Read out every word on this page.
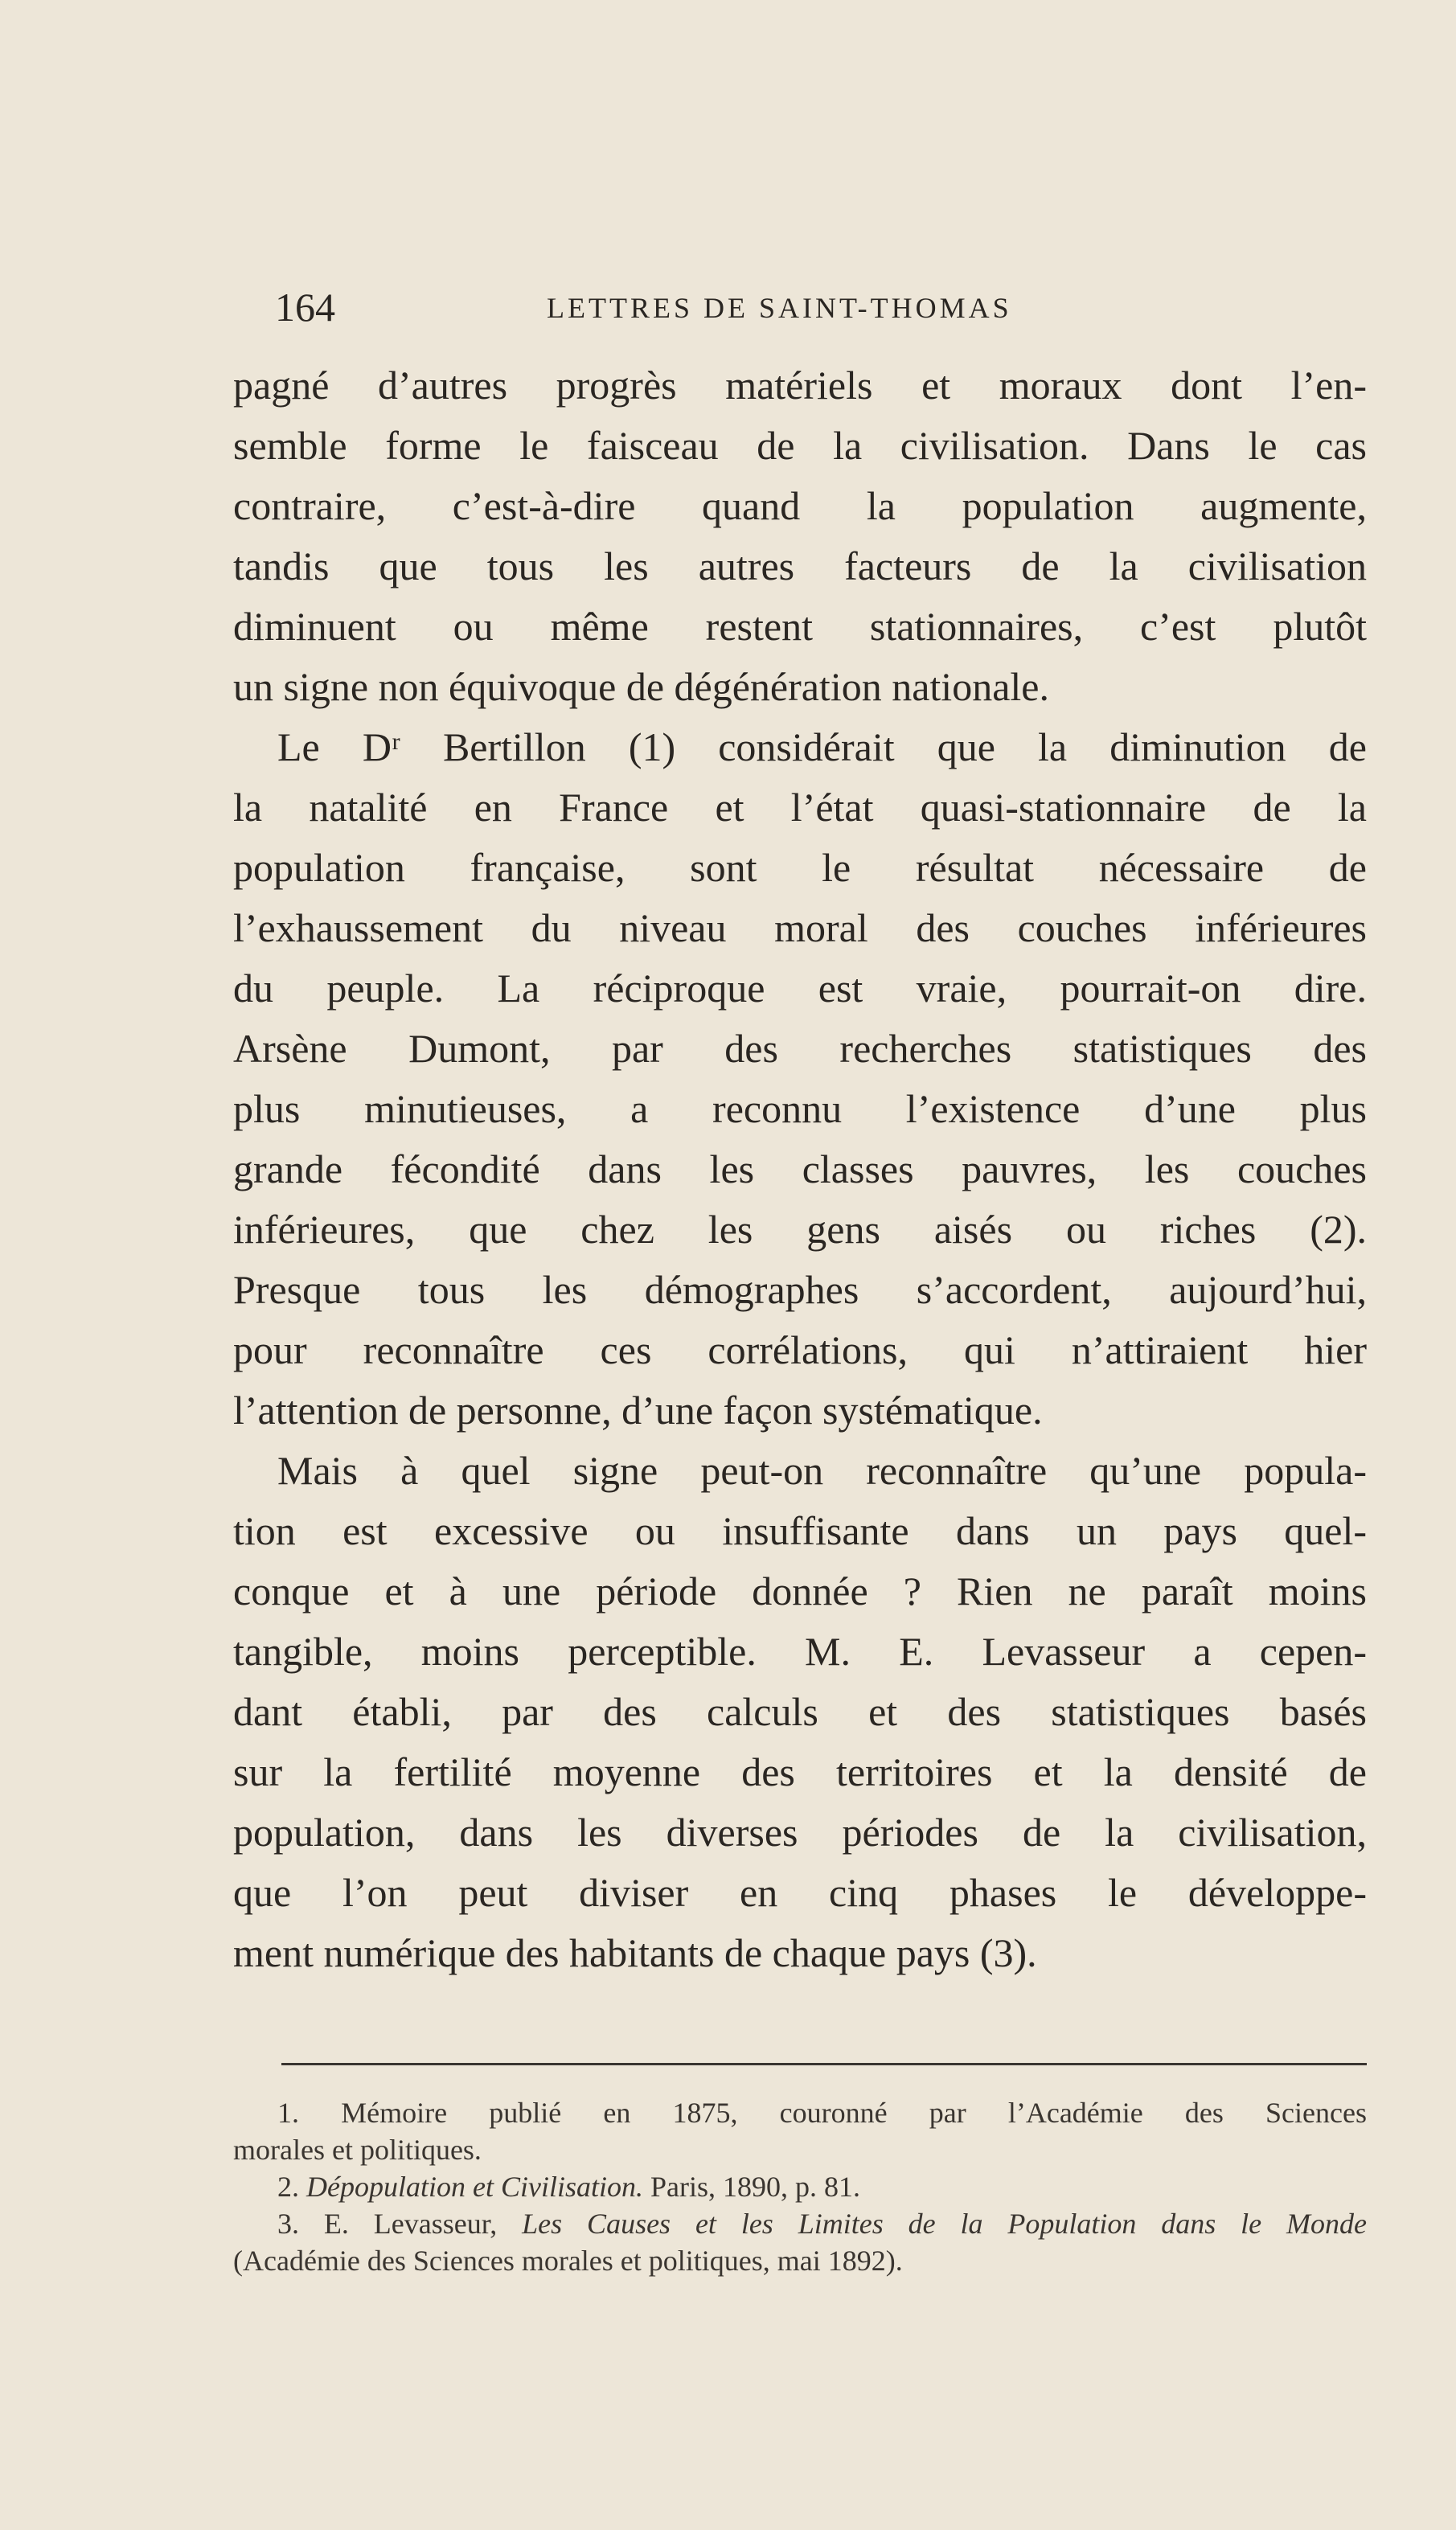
164	LETTRES DE SAINT-THOMAS
pagné d’autres progrès matériels et moraux dont l’en-
semble forme le faisceau de la civilisation. Dans le cas
contraire, c’est-à-dire quand la population augmente,
tandis que tous les autres facteurs de la civilisation
diminuent ou même restent stationnaires, c’est plutôt
un signe non équivoque de dégénération nationale.
Le Dʳ Bertillon (1) considérait que la diminution de
la natalité en France et l’état quasi-stationnaire de la
population française, sont le résultat nécessaire de
l’exhaussement du niveau moral des couches inférieures
du peuple. La réciproque est vraie, pourrait-on dire.
Arsène Dumont, par des recherches statistiques des
plus minutieuses, a reconnu l’existence d’une plus
grande fécondité dans les classes pauvres, les couches
inférieures, que chez les gens aisés ou riches (2).
Presque tous les démographes s’accordent, aujourd’hui,
pour reconnaître ces corrélations, qui n’attiraient hier
l’attention de personne, d’une façon systématique.
Mais à quel signe peut-on reconnaître qu’une popula-
tion est excessive ou insuffisante dans un pays quel-
conque et à une période donnée ? Rien ne paraît moins
tangible, moins perceptible. M. E. Levasseur a cepen-
dant établi, par des calculs et des statistiques basés
sur la fertilité moyenne des territoires et la densité de
population, dans les diverses périodes de la civilisation,
que l’on peut diviser en cinq phases le développe-
ment numérique des habitants de chaque pays (3).
1. Mémoire publié en 1875, couronné par l’Académie des Sciences
morales et politiques.
2. Dépopulation et Civilisation. Paris, 1890, p. 81.
3. E. Levasseur, Les Causes et les Limites de la Population dans le Monde
(Académie des Sciences morales et politiques, mai 1892).
